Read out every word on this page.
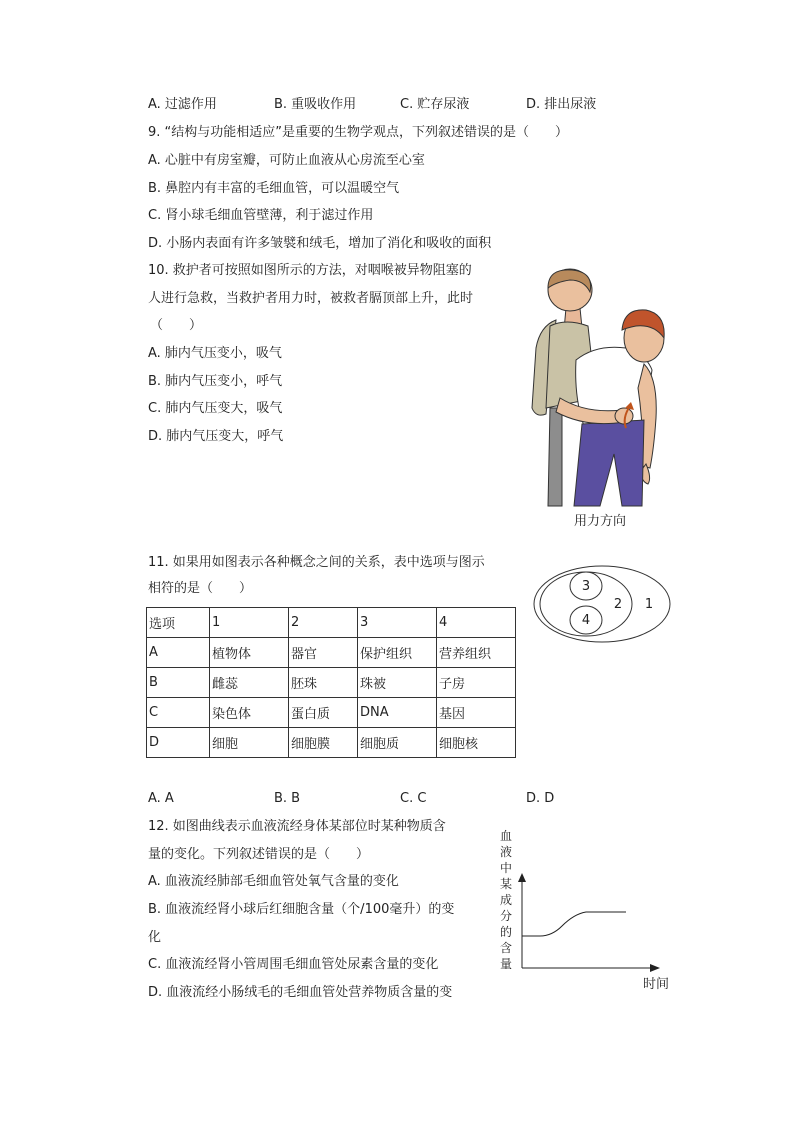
A. 过滤作用	B. 重吸收作用	C. 贮存尿液	D. 排出尿液
9. “结构与功能相适应”是重要的生物学观点，下列叙述错误的是（　　）
A. 心脏中有房室瓣，可防止血液从心房流至心室
B. 鼻腔内有丰富的毛细血管，可以温暖空气
C. 肾小球毛细血管壁薄，利于滤过作用
D. 小肠内表面有许多皱襞和绒毛，增加了消化和吸收的面积
10. 救护者可按照如图所示的方法，对咽喉被异物阻塞的
人进行急救，当救护者用力时，被救者膈顶部上升，此时
（　　）
A. 肺内气压变小，吸气
B. 肺内气压变小，呼气
C. 肺内气压变大，吸气
D. 肺内气压变大，呼气
用力方向
11. 如果用如图表示各种概念之间的关系，表中选项与图示
相符的是（　　）	3
2 1
4
选项	1	2	3	4
A	植物体	器官	保护组织	营养组织
B	雌蕊	胚珠	珠被	子房
C	染色体	蛋白质	DNA	基因
D	细胞	细胞膜	细胞质	细胞核
A. A	B. B	C. C	D. D
12. 如图曲线表示血液流经身体某部位时某种物质含
量的变化。下列叙述错误的是（　　）
A. 血液流经肺部毛细血管处氧气含量的变化
B. 血液流经肾小球后红细胞含量（个/100毫升）的变
化
C. 血液流经肾小管周围毛细血管处尿素含量的变化
D. 血液流经小肠绒毛的毛细血管处营养物质含量的变
血
液
中
某
成
分
的
含
量
时间
